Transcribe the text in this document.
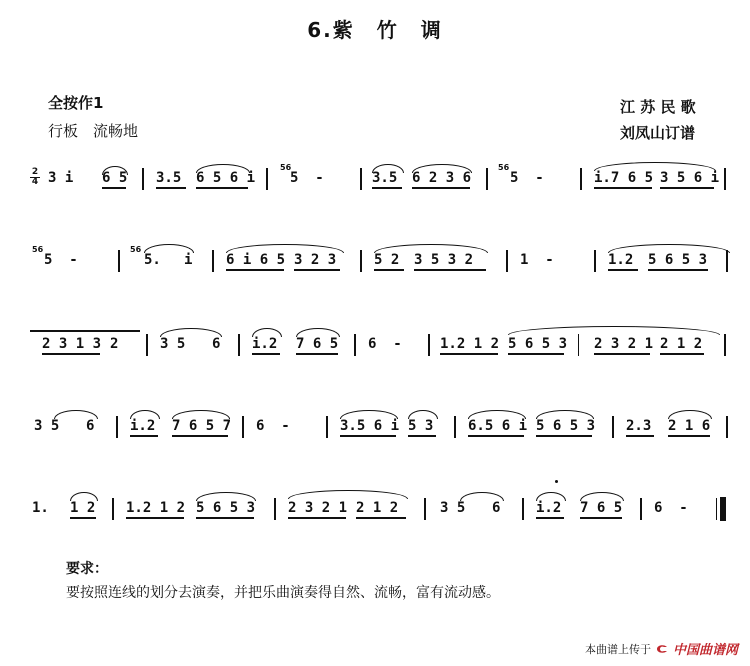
6.紫　竹　调
全按作1
行板　流畅地
江 苏 民 歌
刘凤山订谱
2
4 3 i 6 5 3.5 6 5 6 i
56
5  -	3.5 6 2 3 6
56
5  -	i.7 6 5 3 5 6 i
56
5  -
56
5. i 6 i 6 5 3 2 3	5 2 3 5 3 2	1  -	1.2 5 6 5 3
2 3 1 3 2	3 5 6 i.2 7 6 5 6  -	1.2 1 2 5 6 5 3 2 3 2 1 2 1 2
3 5 6	i.2 7 6 5 7 6  -	3.5 6 i 5 3 6.5 6 i 5 6 5 3 2.3 2 1 6
1. 1 2 1.2 1 2 5 6 5 3 2 3 2 1 2 1 2	3 5 6	i.2 7 6 5 6  -
要求：
要按照连线的划分去演奏，并把乐曲演奏得自然、流畅，富有流动感。
本曲谱上传于 中国曲谱网
